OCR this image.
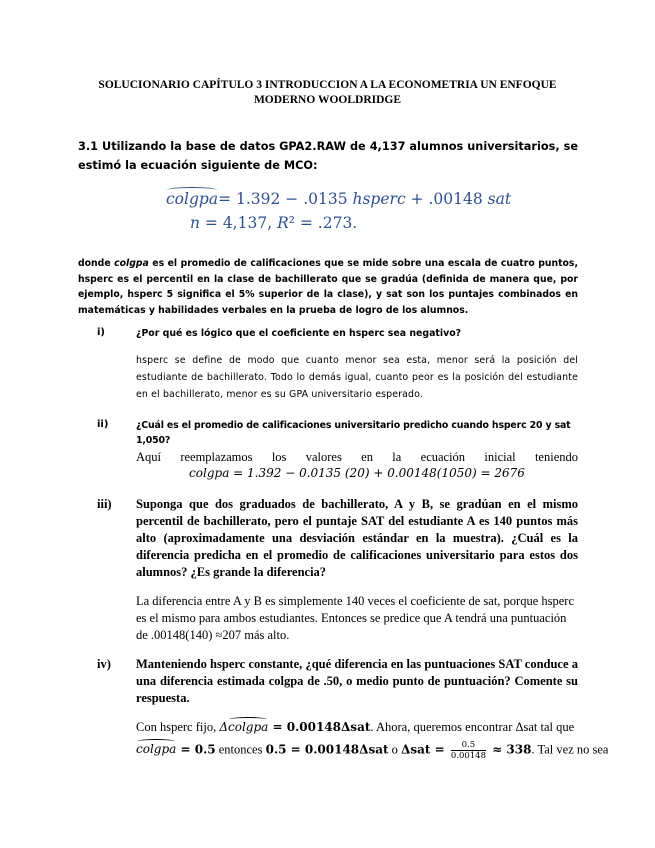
SOLUCIONARIO CAPÍTULO 3 INTRODUCCION A LA ECONOMETRIA UN ENFOQUE
MODERNO WOOLDRIDGE
3.1 Utilizando la base de datos GPA2.RAW de 4,137 alumnos universitarios, se estimó la ecuación siguiente de MCO:
colgpa= 1.392 − .0135 hsperc + .00148 sat
n = 4,137, R² = .273.
donde colgpa es el promedio de calificaciones que se mide sobre una escala de cuatro puntos, hsperc es el percentil en la clase de bachillerato que se gradúa (definida de manera que, por ejemplo, hsperc 5 significa el 5% superior de la clase), y sat son los puntajes combinados en matemáticas y habilidades verbales en la prueba de logro de los alumnos.
i)	¿Por qué es lógico que el coeficiente en hsperc sea negativo?
hsperc se define de modo que cuanto menor sea esta, menor será la posición del estudiante de bachillerato. Todo lo demás igual, cuanto peor es la posición del estudiante en el bachillerato, menor es su GPA universitario esperado.
ii)	¿Cuál es el promedio de calificaciones universitario predicho cuando hsperc 20 y sat 1,050?
Aquí reemplazamos los valores en la ecuación inicial teniendo
colgpa = 1.392 − 0.0135 (20) + 0.00148(1050) = 2676
iii) Suponga que dos graduados de bachillerato, A y B, se gradúan en el mismo percentil de bachillerato, pero el puntaje SAT del estudiante A es 140 puntos más alto (aproximadamente una desviación estándar en la muestra). ¿Cuál es la diferencia predicha en el promedio de calificaciones universitario para estos dos alumnos? ¿Es grande la diferencia?
La diferencia entre A y B es simplemente 140 veces el coeficiente de sat, porque hsperc es el mismo para ambos estudiantes. Entonces se predice que A tendrá una puntuación de .00148(140) ≈207 más alto.
iv) Manteniendo hsperc constante, ¿qué diferencia en las puntuaciones SAT conduce a una diferencia estimada colgpa de .50, o medio punto de puntuación? Comente su respuesta.
Con hsperc fijo, Δcolgpa = 0.00148Δsat. Ahora, queremos encontrar Δsat tal que
colgpa = 0.5 entonces 0.5 = 0.00148Δsat o $\Delta sat = \frac{0.5}{0.00148} \approx 338$. Tal vez no sea
